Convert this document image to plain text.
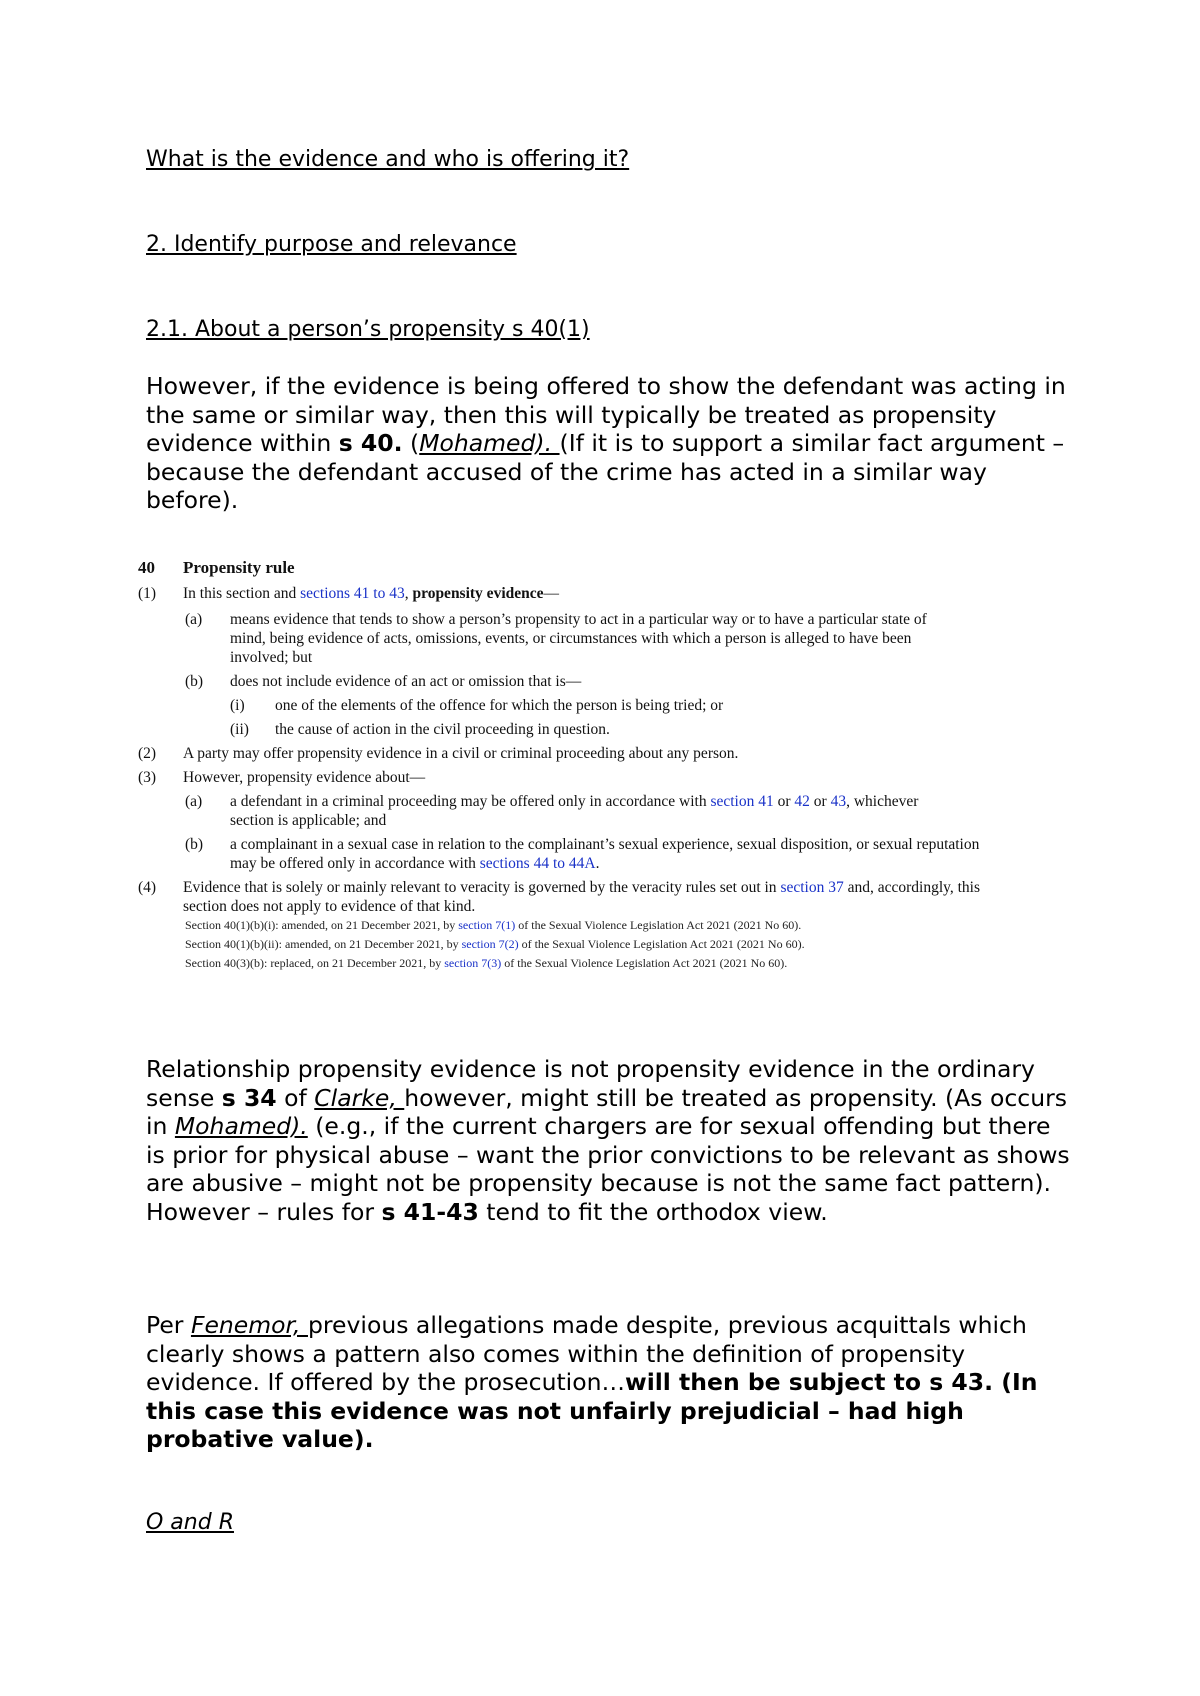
What is the evidence and who is offering it?
2. Identify purpose and relevance
2.1. About a person’s propensity s 40(1)
However, if the evidence is being offered to show the defendant was acting in the same or similar way, then this will typically be treated as propensity evidence within s 40. (Mohamed). (If it is to support a similar fact argument – because the defendant accused of the crime has acted in a similar way before).
40	Propensity rule
(1)	In this section and sections 41 to 43, propensity evidence—
(a)	means evidence that tends to show a person’s propensity to act in a particular way or to have a particular state of mind, being evidence of acts, omissions, events, or circumstances with which a person is alleged to have been involved; but
(b)	does not include evidence of an act or omission that is—
(i)	one of the elements of the offence for which the person is being tried; or
(ii)	the cause of action in the civil proceeding in question.
(2)	A party may offer propensity evidence in a civil or criminal proceeding about any person.
(3)	However, propensity evidence about—
(a)	a defendant in a criminal proceeding may be offered only in accordance with section 41 or 42 or 43, whichever section is applicable; and
(b)	a complainant in a sexual case in relation to the complainant’s sexual experience, sexual disposition, or sexual reputation may be offered only in accordance with sections 44 to 44A.
(4)	Evidence that is solely or mainly relevant to veracity is governed by the veracity rules set out in section 37 and, accordingly, this section does not apply to evidence of that kind.
Section 40(1)(b)(i): amended, on 21 December 2021, by section 7(1) of the Sexual Violence Legislation Act 2021 (2021 No 60).
Section 40(1)(b)(ii): amended, on 21 December 2021, by section 7(2) of the Sexual Violence Legislation Act 2021 (2021 No 60).
Section 40(3)(b): replaced, on 21 December 2021, by section 7(3) of the Sexual Violence Legislation Act 2021 (2021 No 60).
Relationship propensity evidence is not propensity evidence in the ordinary sense s 34 of Clarke, however, might still be treated as propensity. (As occurs in Mohamed). (e.g., if the current chargers are for sexual offending but there is prior for physical abuse – want the prior convictions to be relevant as shows are abusive – might not be propensity because is not the same fact pattern). However – rules for s 41-43 tend to fit the orthodox view.
Per Fenemor, previous allegations made despite, previous acquittals which clearly shows a pattern also comes within the definition of propensity evidence. If offered by the prosecution…will then be subject to s 43. (In this case this evidence was not unfairly prejudicial – had high probative value).
O and R
